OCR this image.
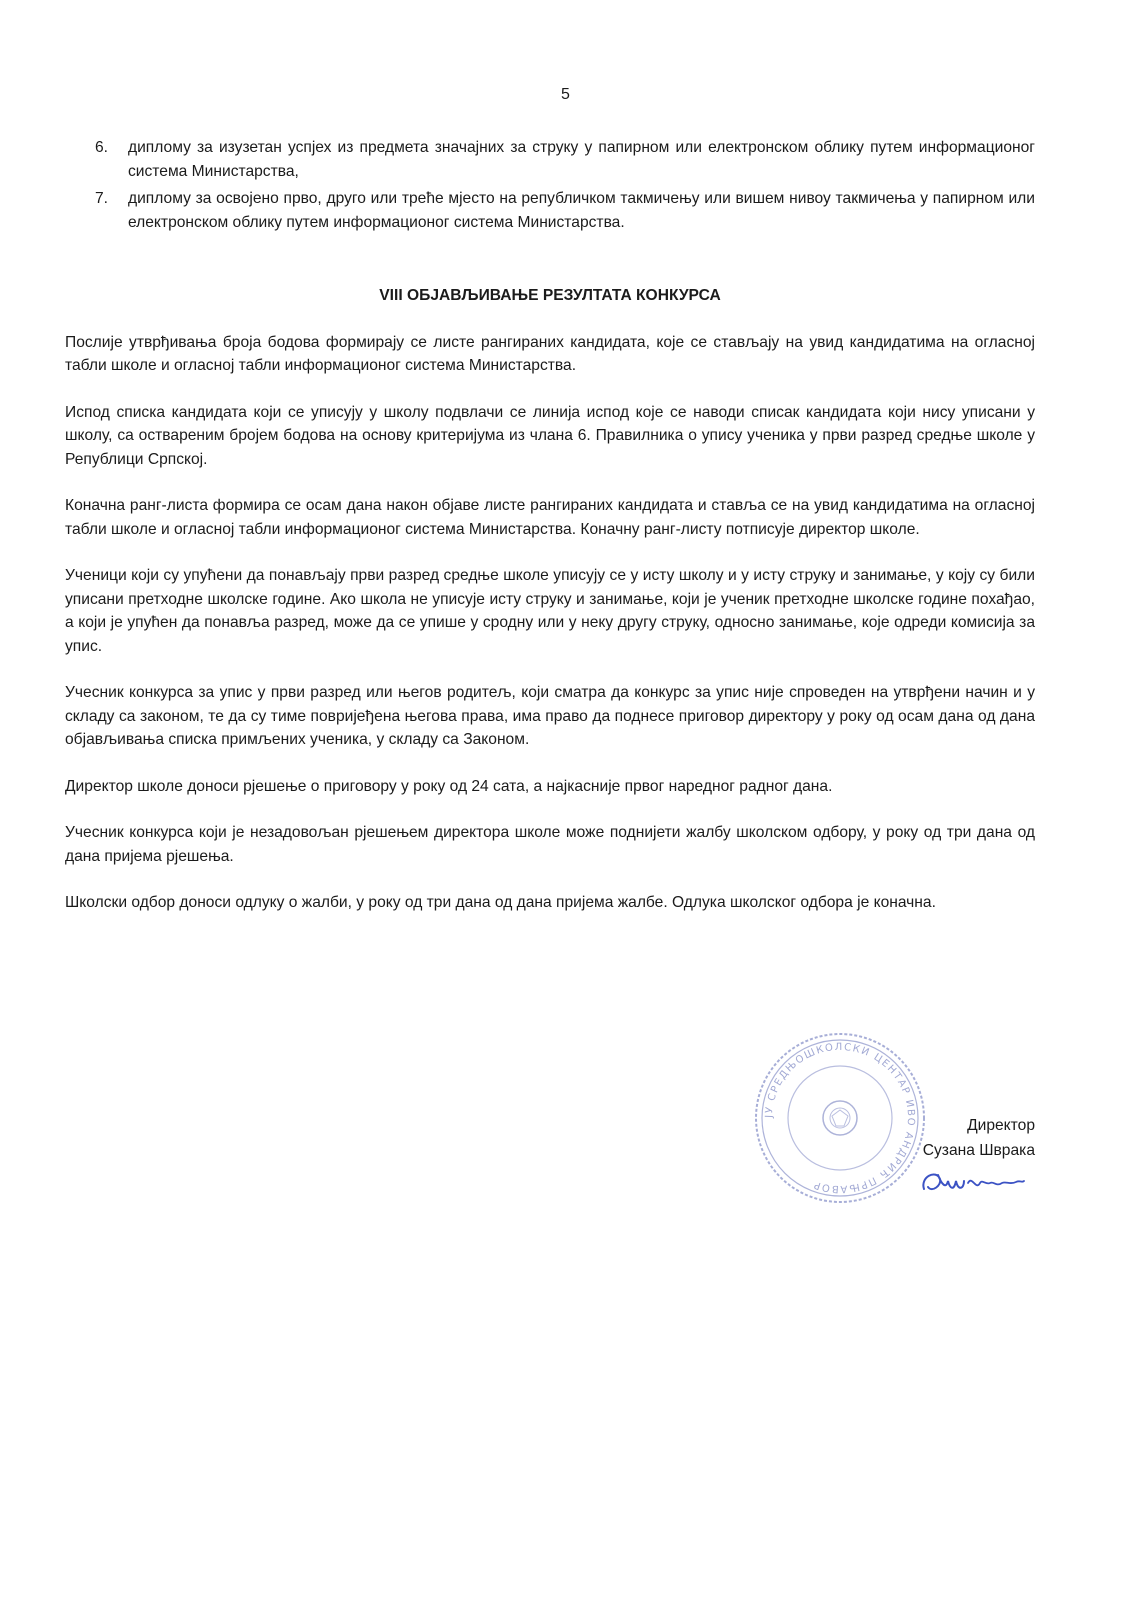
5
6.	диплому за изузетан успјех из предмета значајних за струку у папирном или електронском облику путем информационог система Министарства,
7.	диплому за освојено прво, друго или треће мјесто на републичком такмичењу или вишем нивоу такмичења у папирном или електронском облику путем информационог система Министарства.
VIII ОБЈАВЉИВАЊЕ РЕЗУЛТАТА КОНКУРСА

Послије утврђивања броја бодова формирају се листе рангираних кандидата, које се стављају на увид кандидатима на огласној табли школе и огласној табли информационог система Министарства.

Испод списка кандидата који се уписују у школу подвлачи се линија испод које се наводи списак кандидата који нису уписани у школу, са оствареним бројем бодова на основу критеријума из члана 6. Правилника о упису ученика у први разред средње школе у Републици Српској.

Коначна ранг-листа формира се осам дана након објаве листе рангираних кандидата и ставља се на увид кандидатима на огласној табли школе и огласној табли информационог система Министарства. Коначну ранг-листу потписује директор школе.

Ученици који су упућени да понављају први разред средње школе уписују се у исту школу и у исту струку и занимање, у коју су били уписани претходне школске године. Ако школа не уписује исту струку и занимање, који је ученик претходне школске године похађао, а који је упућен да понавља разред, може да се упише у сродну или у неку другу струку, односно занимање, које одреди комисија за упис.

Учесник конкурса за упис у први разред или његов родитељ, који сматра да конкурс за упис није спроведен на утврђени начин и у складу са законом, те да су тиме повријеђена његова права, има право да поднесе приговор директору у року од осам дана од дана објављивања списка примљених ученика, у складу са Законом.

Директор школе доноси рјешење о приговору у року од 24 сата, а најкасније првог наредног радног дана.

Учесник конкурса који је незадовољан рјешењем директора школе може поднијети жалбу школском одбору, у року од три дана од дана пријема рјешења.

Школски одбор доноси одлуку о жалби, у року од три дана од дана пријема жалбе. Одлука школског одбора је коначна.

ЈУ СРЕДЊОШКОЛСКИ ЦЕНТАР ИВО АНДРИЋ ПРЊАВОР
Директор
Сузана Шврака
